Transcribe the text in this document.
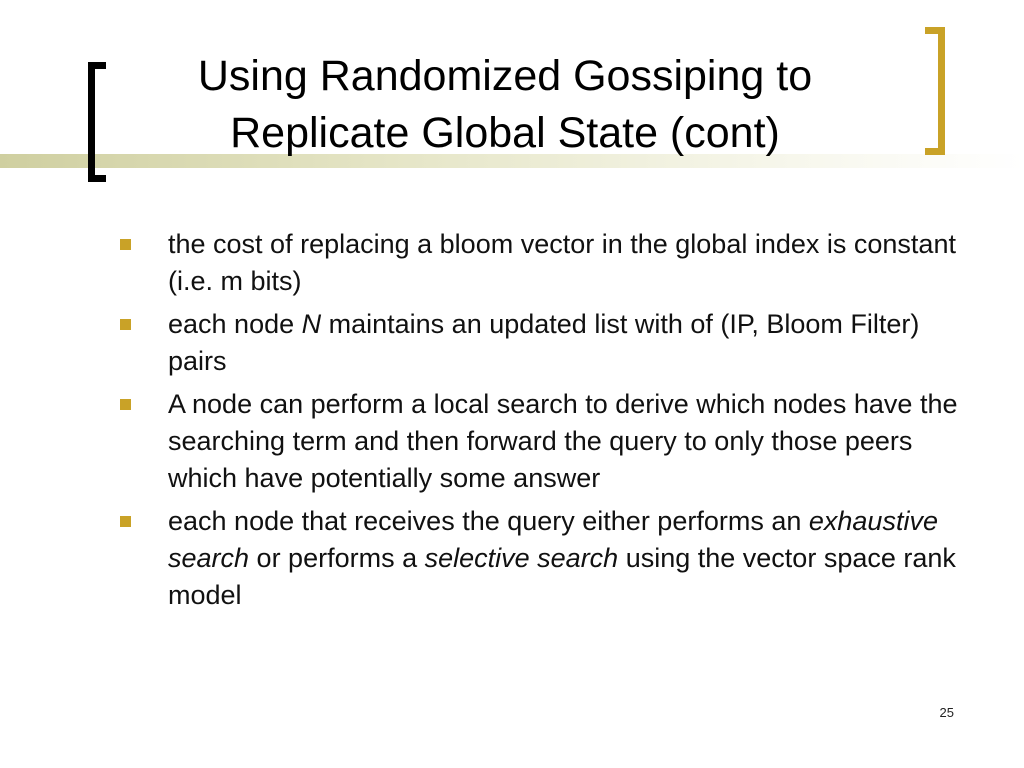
Using Randomized Gossiping to
Replicate Global State (cont)
the cost of replacing a bloom vector in the global index is constant (i.e. m bits)
each node N maintains an updated list with of (IP, Bloom Filter) pairs
A node can perform a local search to derive which nodes have the searching term and then forward the query to only those peers which have potentially some answer
each node that receives the query either performs an exhaustive search or performs a selective search using the vector space rank model
25
